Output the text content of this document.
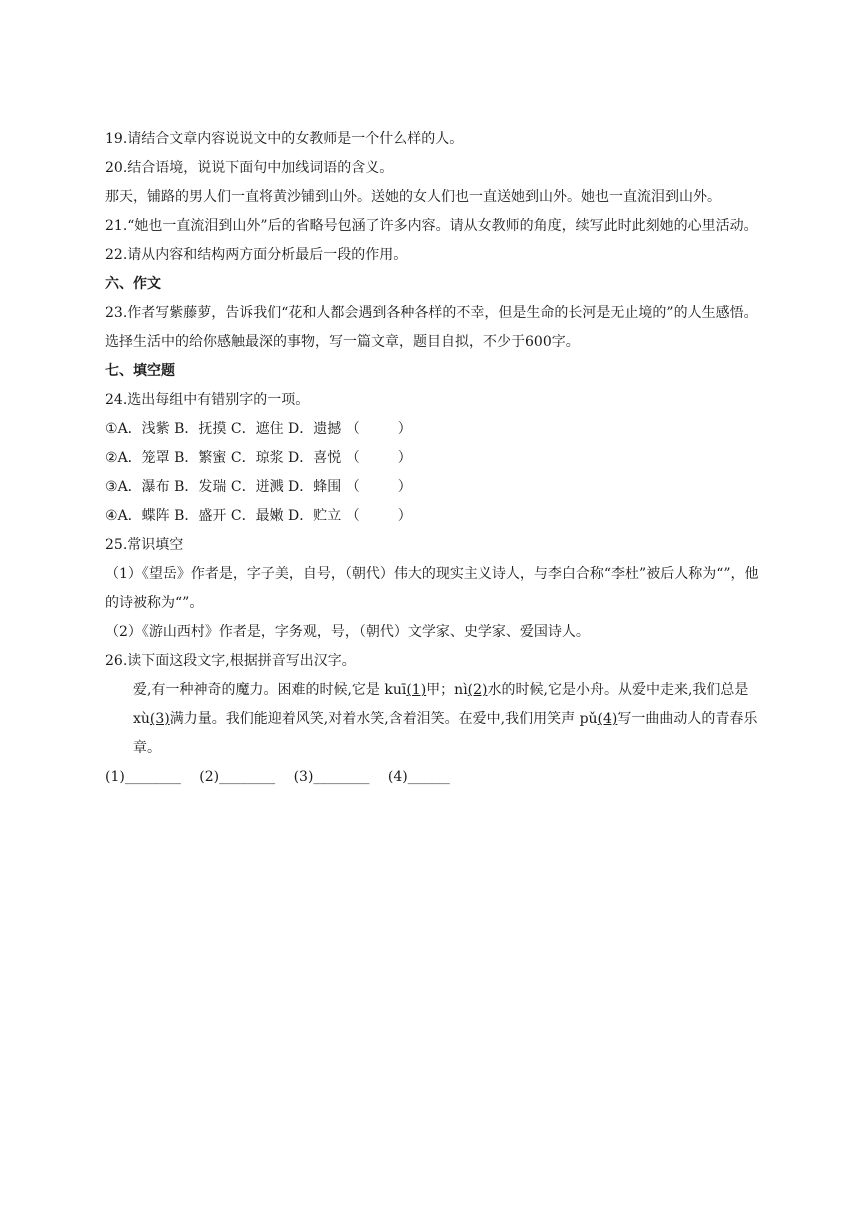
19.请结合文章内容说说文中的女教师是一个什么样的人。
20.结合语境，说说下面句中加线词语的含义。
那天，铺路的男人们一直将黄沙铺到山外。送她的女人们也一直送她到山外。她也一直流泪到山外。
21.“她也一直流泪到山外”后的省略号包涵了许多内容。请从女教师的角度，续写此时此刻她的心里活动。
22.请从内容和结构两方面分析最后一段的作用。
六、作文
23.作者写紫藤萝，告诉我们“花和人都会遇到各种各样的不幸，但是生命的长河是无止境的”的人生感悟。选择生活中的给你感触最深的事物，写一篇文章，题目自拟，不少于600字。
七、填空题
24.选出每组中有错别字的一项。
①A．浅紫 B．抚摸 C．遮住 D．遗撼 （	）
②A．笼罩 B．繁蜜 C．琼浆 D．喜悦 （	）
③A．瀑布 B．发瑞 C．迸溅 D．蜂围 （	）
④A．蝶阵 B．盛开 C．最嫩 D．贮立 （	）
25.常识填空
（1）《望岳》作者是，字子美，自号，（朝代）伟大的现实主义诗人，与李白合称“李杜”被后人称为“”，他的诗被称为“”。
（2）《游山西村》作者是，字务观，号，（朝代）文学家、史学家、爱国诗人。
26.读下面这段文字,根据拼音写出汉字。
爱,有一种神奇的魔力。困难的时候,它是 kuī(1)甲；nì(2)水的时候,它是小舟。从爱中走来,我们总是 xù(3)满力量。我们能迎着风笑,对着水笑,含着泪笑。在爱中,我们用笑声 pǔ(4)写一曲曲动人的青春乐章。
(1)________ (2)________ (3)________ (4)______
